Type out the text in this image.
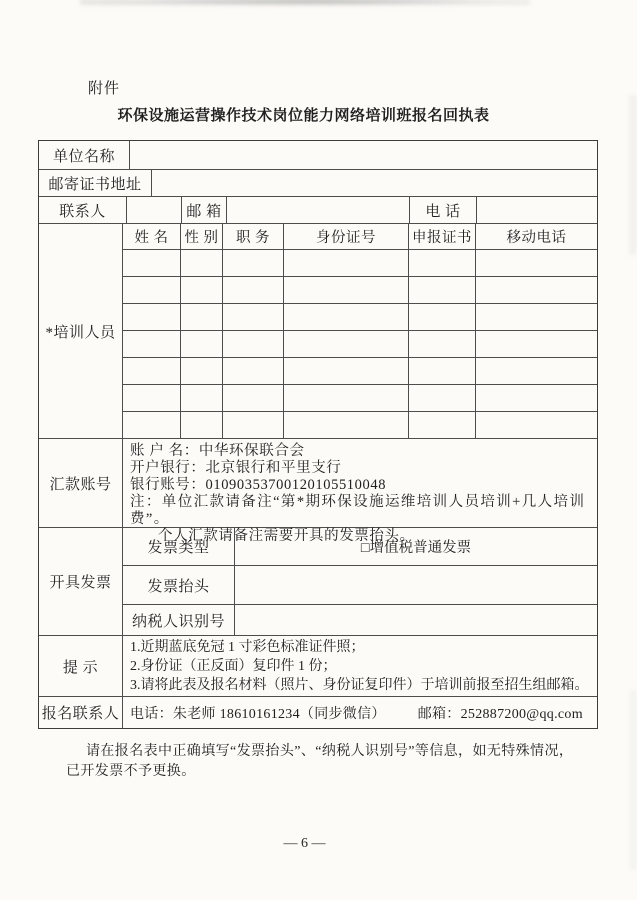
附件
环保设施运营操作技术岗位能力网络培训班报名回执表
单位名称
邮寄证书地址
联系人	邮 箱	电 话
*培训人员
姓 名	性 别	职 务	身份证号	申报证书	移动电话
汇款账号
账 户 名：中华环保联合会
开户银行：北京银行和平里支行
银行账号：01090353700120105510048
注：单位汇款请备注“第*期环保设施运维培训人员培训+几人培训费”。
个人汇款请备注需要开具的发票抬头。
开具发票
发票类型	□增值税普通发票
发票抬头
纳税人识别号
提 示
1.近期蓝底免冠 1 寸彩色标准证件照；
2.身份证（正反面）复印件 1 份；
3.请将此表及报名材料（照片、身份证复印件）于培训前报至招生组邮箱。
报名联系人 电话：朱老师 18610161234（同步微信） 邮箱：252887200@qq.com
请在报名表中正确填写“发票抬头”、“纳税人识别号”等信息，如无特殊情况，
已开发票不予更换。
— 6 —
